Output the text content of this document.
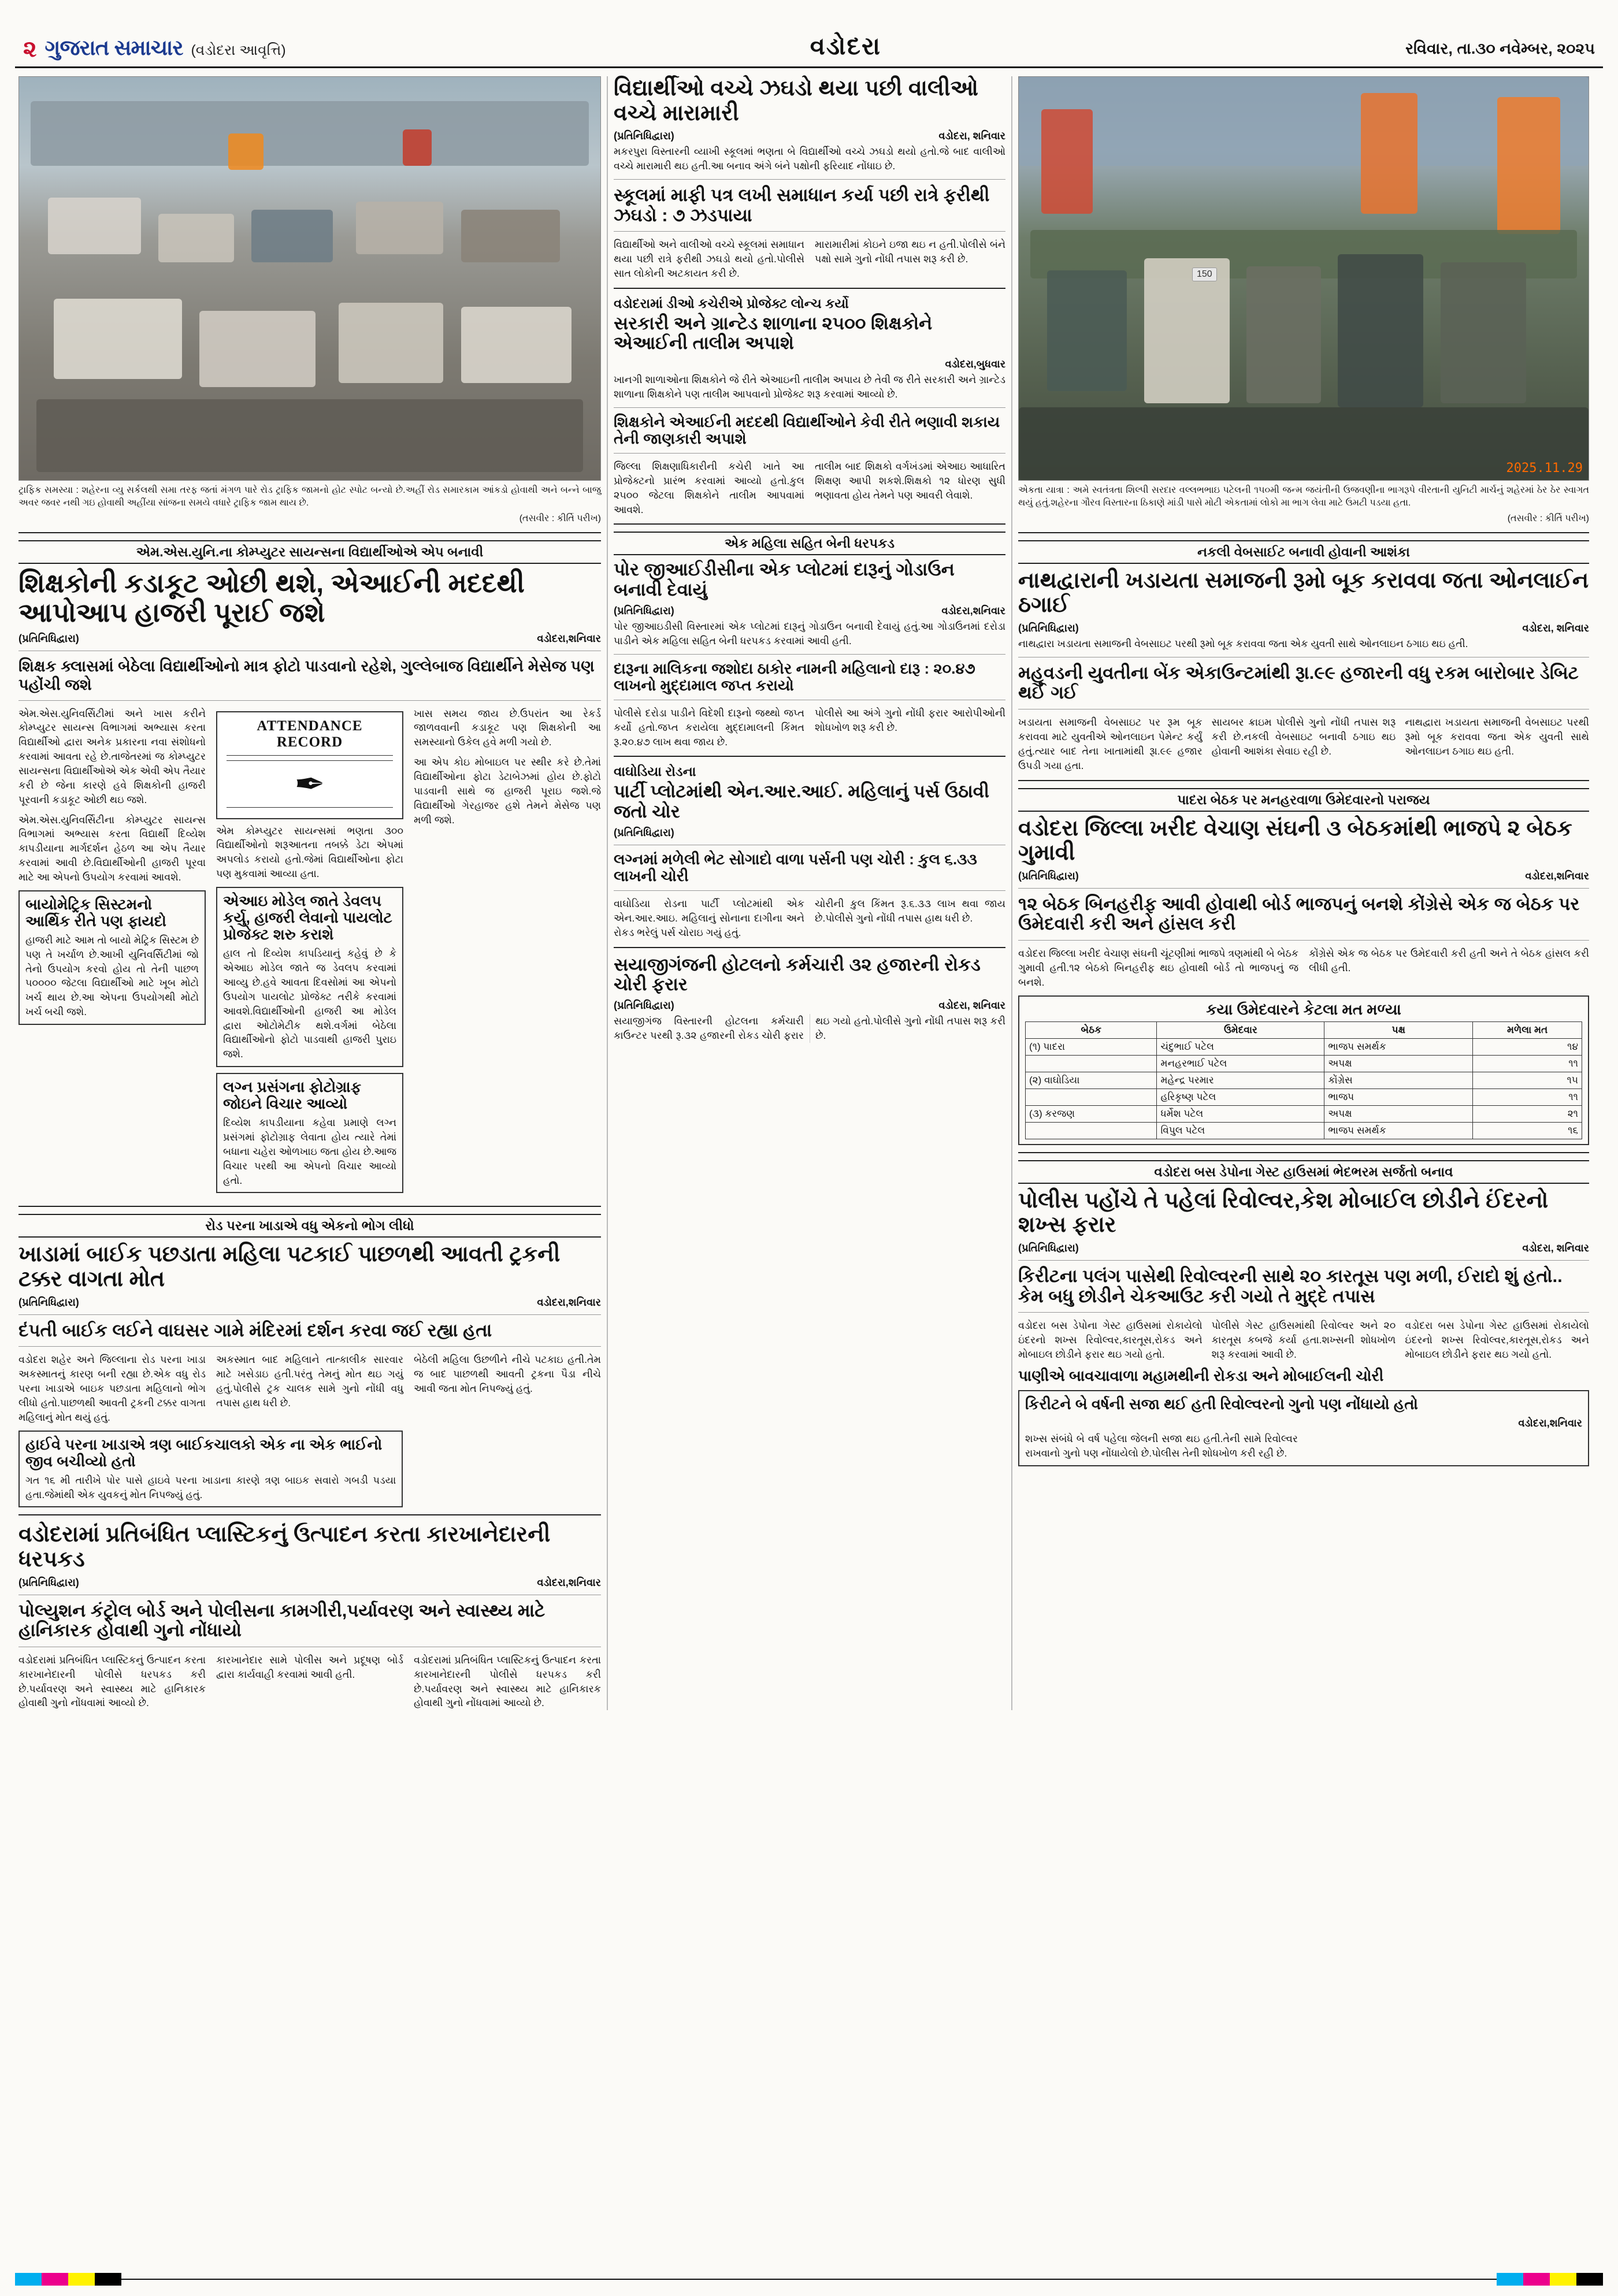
૨ ગુજરાત સમાચાર (વડોદરા આવૃત્તિ)	વડોદરા	રવિવાર, તા.૩૦ નવેમ્બર, ૨૦૨૫
ટ્રાફિક સમસ્યા : શહેરના વ્યુ સર્કલથી સમા તરફ જતાં મંગળ પારે રોડ ટ્રાફિક જામનો હોટ સ્પોટ બન્યો છે.અહીં રોડ સમારકામ આંકડો હોવાથી અને બન્ને બાજુ અવર જવર નથી ગઇ હોવાથી અહીંયા સાંજના સમયે વધારે ટ્રાફિક જામ થાય છે.
(તસવીર : કીર્તિ પરીખ)
એમ.એસ.યુનિ.ના કોમ્પ્યુટર સાયન્સના વિદ્યાર્થીઓએ એપ બનાવી
શિક્ષકોની કડાકૂટ ઓછી થશે, એઆઈની મદદથી આપોઆપ હાજરી પૂરાઈ જશે
(પ્રતિનિધિદ્વારા)	વડોદરા,શનિવાર
શિક્ષક ક્લાસમાં બેઠેલા વિદ્યાર્થીઓનો માત્ર ફોટો પાડવાનો રહેશે, ગુલ્લેબાજ વિદ્યાર્થીને મેસેજ પણ પહોંચી જશે
એમ.એસ.યુનિવર્સિટીમાં અને ખાસ કરીને કોમ્પ્યુટર સાયન્સ વિભાગમાં અભ્યાસ કરતા વિદ્યાર્થીઓ દ્વારા અનેક પ્રકારના નવા સંશોધનો કરવામાં આવતા રહે છે.તાજેતરમાં જ કોમ્પ્યુટર સાયન્સના વિદ્યાર્થીઓએ એક એવી એપ તૈયાર કરી છે જેના કારણે હવે શિક્ષકોની હાજરી પૂરવાની કડાકૂટ ઓછી થઇ જશે.
એમ.એસ.યુનિવર્સિટીના કોમ્પ્યુટર સાયન્સ વિભાગમાં અભ્યાસ કરતા વિદ્યાર્થી દિવ્યેશ કાપડીયાના માર્ગદર્શન હેઠળ આ એપ તૈયાર કરવામાં આવી છે.વિદ્યાર્થીઓની હાજરી પૂરવા માટે આ એપનો ઉપયોગ કરવામાં આવશે.
બાયોમેટ્રિક સિસ્ટમનો આર્થિક રીતે પણ ફાયદો
હાજરી માટે આમ તો બાયો મેટ્રિક સિસ્ટમ છે પણ તે ખર્ચાળ છે.આખી યુનિવર્સિટીમાં જો તેનો ઉપયોગ કરવો હોય તો તેની પાછળ ૫૦૦૦૦ જેટલા વિદ્યાર્થીઓ માટે ખૂબ મોટો ખર્ચ થાય છે.આ એપના ઉપયોગથી મોટો ખર્ચ બચી જશે.
ATTENDANCE RECORD
✒
એમ કોમ્પ્યુટર સાયન્સમાં ભણતા ૩૦૦ વિદ્યાર્થીઓનો શરૂઆતના તબક્કે ડેટા એપમાં અપલોડ કરાયો હતો.જેમાં વિદ્યાર્થીઓના ફોટા પણ મુકવામાં આવ્યા હતા.
એઆઇ મોડેલ જાતે ડેવલપ કર્યુ, હાજરી લેવાનો પાયલોટ પ્રોજેક્ટ શરુ કરાશે
હાલ તો દિવ્યેશ કાપડિયાનું કહેવું છે કે એઆઇ મોડેલ જાતે જ ડેવલપ કરવામાં આવ્યુ છે.હવે આવતા દિવસોમાં આ એપનો ઉપયોગ પાયલોટ પ્રોજેક્ટ તરીકે કરવામાં આવશે.વિદ્યાર્થીઓની હાજરી આ મોડેલ દ્વારા ઓટોમેટીક થશે.વર્ગમાં બેઠેલા વિદ્યાર્થીઓનો ફોટો પાડવાથી હાજરી પુરાઇ જશે.
લગ્ન પ્રસંગના ફોટોગ્રાફ જોઇને વિચાર આવ્યો
દિવ્યેશ કાપડીયાના કહેવા પ્રમાણે લગ્ન પ્રસંગમાં ફોટોગ્રાફ લેવાતા હોય ત્યારે તેમાં બધાના ચહેરા ઓળખાઇ જતા હોય છે.આજ વિચાર પરથી આ એપનો વિચાર આવ્યો હતો.
ખાસ સમય જાય છે.ઉપરાંત આ રેકર્ડ જાળવવાની કડાકૂટ પણ શિક્ષકોની આ સમસ્યાનો ઉકેલ હવે મળી ગયો છે.
આ એપ કોઇ મોબાઇલ પર સ્થીર કરે છે.તેમાં વિદ્યાર્થીઓના ફોટા ડેટાબેઝમાં હોય છે.ફોટો પાડવાની સાથે જ હાજરી પૂરાઇ જશે.જે વિદ્યાર્થીઓ ગેરહાજર હશે તેમને મેસેજ પણ મળી જશે.
રોડ પરના ખાડાએ વધુ એકનો ભોગ લીધો
ખાડામાં બાઈક પછડાતા મહિલા પટકાઈ પાછળથી આવતી ટ્રકની ટક્કર વાગતા મોત
(પ્રતિનિધિદ્વારા)	વડોદરા,શનિવાર
દંપતી બાઈક લઈને વાઘસર ગામે મંદિરમાં દર્શન કરવા જઈ રહ્યા હતા
વડોદરા શહેર અને જિલ્લાના રોડ પરના ખાડા અકસ્માતનું કારણ બની રહ્યા છે.એક વધુ રોડ પરના ખાડાએ બાઇક પછડાતા મહિલાનો ભોગ લીધો હતો.પાછળથી આવતી ટ્રકની ટક્કર વાગતા મહિલાનું મોત થયું હતું.
અકસ્માત બાદ મહિલાને તાત્કાલીક સારવાર માટે ખસેડાઇ હતી.પરંતુ તેમનું મોત થઇ ગયું હતું.પોલીસે ટ્રક ચાલક સામે ગુનો નોંધી વધુ તપાસ હાથ ધરી છે.
બેઠેલી મહિલા ઉછળીને નીચે પટકાઇ હતી.તેમ જ બાદ પાછળથી આવતી ટ્રકના પૈડા નીચે આવી જતા મોત નિપજ્યું હતું.
હાઈવે પરના ખાડાએ ત્રણ બાઈકચાલકો એક ના એક ભાઈનો જીવ બચીવ્યો હતો
ગત ૧૬ મી તારીખે પોર પાસે હાઇવે પરના ખાડાના કારણે ત્રણ બાઇક સવારો ગબડી પડયા હતા.જેમાંથી એક યુવકનું મોત નિપજ્યું હતું.
વડોદરામાં પ્રતિબંધિત પ્લાસ્ટિકનું ઉત્પાદન કરતા કારખાનેદારની ધરપકડ
(પ્રતિનિધિદ્વારા)	વડોદરા,શનિવાર
પોલ્યુશન કંટ્રોલ બોર્ડ અને પોલીસના કામગીરી,પર્યાવરણ અને સ્વાસ્થ્ય માટે હાનિકારક હોવાથી ગુનો નોંધાયો
વડોદરામાં પ્રતિબંધિત પ્લાસ્ટિકનું ઉત્પાદન કરતા કારખાનેદારની પોલીસે ધરપકડ કરી છે.પર્યાવરણ અને સ્વાસ્થ્ય માટે હાનિકારક હોવાથી ગુનો નોંધવામાં આવ્યો છે.
કારખાનેદાર સામે પોલીસ અને પ્રદૂષણ બોર્ડ દ્વારા કાર્યવાહી કરવામાં આવી હતી.
વડોદરામાં પ્રતિબંધિત પ્લાસ્ટિકનું ઉત્પાદન કરતા કારખાનેદારની પોલીસે ધરપકડ કરી છે.પર્યાવરણ અને સ્વાસ્થ્ય માટે હાનિકારક હોવાથી ગુનો નોંધવામાં આવ્યો છે.
વિદ્યાર્થીઓ વચ્ચે ઝઘડો થયા પછી વાલીઓ વચ્ચે મારામારી
(પ્રતિનિધિદ્વારા)	વડોદરા, શનિવાર
મકરપુરા વિસ્તારની વ્યાખી સ્કૂલમાં ભણતા બે વિદ્યાર્થીઓ વચ્ચે ઝઘડો થયો હતો.જે બાદ વાલીઓ વચ્ચે મારામારી થઇ હતી.આ બનાવ અંગે બંને પક્ષોની ફરિયાદ નોંધાઇ છે.
સ્કૂલમાં માફી પત્ર લખી સમાધાન કર્યા પછી રાત્રે ફરીથી ઝઘડો : ૭ ઝડપાયા
વિદ્યાર્થીઓ અને વાલીઓ વચ્ચે સ્કૂલમાં સમાધાન થયા પછી રાત્રે ફરીથી ઝઘડો થયો હતો.પોલીસે સાત લોકોની અટકાયત કરી છે.
મારામારીમાં કોઇને ઇજા થઇ ન હતી.પોલીસે બંને પક્ષો સામે ગુનો નોંધી તપાસ શરૂ કરી છે.
વડોદરામાં ડીઓ કચેરીએ પ્રોજેક્ટ લોન્ચ કર્યો
સરકારી અને ગ્રાન્ટેડ શાળાના ૨૫૦૦ શિક્ષકોને એઆઈની તાલીમ અપાશે
વડોદરા,બુધવાર
ખાનગી શાળાઓના શિક્ષકોને જે રીતે એઆઇની તાલીમ અપાય છે તેવી જ રીતે સરકારી અને ગ્રાન્ટેડ શાળાના શિક્ષકોને પણ તાલીમ આપવાનો પ્રોજેક્ટ શરૂ કરવામાં આવ્યો છે.
શિક્ષકોને એઆઈની મદદથી વિદ્યાર્થીઓને કેવી રીતે ભણાવી શકાય તેની જાણકારી અપાશે
જિલ્લા શિક્ષણાધિકારીની કચેરી ખાતે આ પ્રોજેક્ટનો પ્રારંભ કરવામાં આવ્યો હતો.કુલ ૨૫૦૦ જેટલા શિક્ષકોને તાલીમ આપવામાં આવશે.
તાલીમ બાદ શિક્ષકો વર્ગખંડમાં એઆઇ આધારિત શિક્ષણ આપી શકશે.શિક્ષકો ૧૨ ધોરણ સુધી ભણાવતા હોય તેમને પણ આવરી લેવાશે.
એક મહિલા સહિત બેની ધરપકડ
પોર જીઆઈડીસીના એક પ્લોટમાં દારૂનું ગોડાઉન બનાવી દેવાયું
(પ્રતિનિધિદ્વારા)	વડોદરા,શનિવાર
પોર જીઆઇડીસી વિસ્તારમાં એક પ્લોટમાં દારૂનું ગોડાઉન બનાવી દેવાયું હતું.આ ગોડાઉનમાં દરોડા પાડીને એક મહિલા સહિત બેની ધરપકડ કરવામાં આવી હતી.
દારૂના માલિકના જશોદા ઠાકોર નામની મહિલાનો દારૂ : ૨૦.૪૭ લાખનો મુદ્દામાલ જપ્ત કરાયો
પોલીસે દરોડા પાડીને વિદેશી દારૂનો જથ્થો જપ્ત કર્યો હતો.જપ્ત કરાયેલા મુદ્દામાલની કિંમત રૂ.૨૦.૪૭ લાખ થવા જાય છે.
પોલીસે આ અંગે ગુનો નોંધી ફરાર આરોપીઓની શોધખોળ શરૂ કરી છે.
વાઘોડિયા રોડના
પાર્ટી પ્લોટમાંથી એન.આર.આઈ. મહિલાનું પર્સ ઉઠાવી જતો ચોર
(પ્રતિનિધિદ્વારા)
લગ્નમાં મળેલી ભેટ સોગાદો વાળા પર્સની પણ ચોરી : કુલ ૬.૩૩ લાખની ચોરી
વાઘોડિયા રોડના પાર્ટી પ્લોટમાંથી એક એન.આર.આઇ. મહિલાનું સોનાના દાગીના અને રોકડ ભરેલું પર્સ ચોરાઇ ગયું હતું.
ચોરીની કુલ કિંમત રૂ.૬.૩૩ લાખ થવા જાય છે.પોલીસે ગુનો નોંધી તપાસ હાથ ધરી છે.
સયાજીગંજની હોટલનો કર્મચારી ૩૨ હજારની રોકડ ચોરી ફરાર
(પ્રતિનિધિદ્વારા)	વડોદરા, શનિવાર
સયાજીગંજ વિસ્તારની હોટલના કર્મચારી કાઉન્ટર પરથી રૂ.૩૨ હજારની રોકડ ચોરી ફરાર થઇ ગયો હતો.પોલીસે ગુનો નોંધી તપાસ શરૂ કરી છે.
150
2025.11.29
એકતા યાત્રા : અમે સ્વતંત્રતા શિલ્પી સરદાર વલ્લભભાઇ પટેલની ૧૫૦મી જન્મ જયંતીની ઉજવણીના ભાગરૂપે વીરતાની યુનિટી માર્ચનું શહેરમાં ઠેર ઠેર સ્વાગત થયું હતું.શહેરના ગૌરવ વિસ્તારના ઠિકાણે માંડી પાસે મોટી એકતામાં લોકો મા ભાગ લેવા માટે ઉમટી પડયા હતા.
(તસવીર : કીર્તિ પરીખ)
નકલી વેબસાઈટ બનાવી હોવાની આશંકા
નાથદ્વારાની ખડાયતા સમાજની રૂમો બૂક કરાવવા જતા ઓનલાઈન ઠગાઈ
(પ્રતિનિધિદ્વારા)	વડોદરા, શનિવાર
નાથદ્વારા ખડાયતા સમાજની વેબસાઇટ પરથી રૂમો બૂક કરાવવા જતા એક યુવતી સાથે ઓનલાઇન ઠગાઇ થઇ હતી.
મહુવડની યુવતીના બેંક એકાઉન્ટમાંથી રૂા.૯૯ હજારની વધુ રકમ બારોબાર ડેબિટ થઈ ગઈ
ખડાયતા સમાજની વેબસાઇટ પર રૂમ બૂક કરાવવા માટે યુવતીએ ઓનલાઇન પેમેન્ટ કર્યું હતું.ત્યાર બાદ તેના ખાતામાંથી રૂા.૯૯ હજાર ઉપડી ગયા હતા.
સાયબર ક્રાઇમ પોલીસે ગુનો નોંધી તપાસ શરૂ કરી છે.નકલી વેબસાઇટ બનાવી ઠગાઇ થઇ હોવાની આશંકા સેવાઇ રહી છે.
નાથદ્વારા ખડાયતા સમાજની વેબસાઇટ પરથી રૂમો બૂક કરાવવા જતા એક યુવતી સાથે ઓનલાઇન ઠગાઇ થઇ હતી.
પાદરા બેઠક પર મનહરવાળા ઉમેદવારનો પરાજય
વડોદરા જિલ્લા ખરીદ વેચાણ સંઘની ૩ બેઠકમાંથી ભાજપે ૨ બેઠક ગુમાવી
(પ્રતિનિધિદ્વારા)	વડોદરા,શનિવાર
૧૨ બેઠક બિનહરીફ આવી હોવાથી બોર્ડ ભાજપનું બનશે કોંગ્રેસે એક જ બેઠક પર ઉમેદવારી કરી અને હાંસલ કરી
વડોદરા જિલ્લા ખરીદ વેચાણ સંઘની ચૂંટણીમાં ભાજપે ત્રણમાંથી બે બેઠક ગુમાવી હતી.૧૨ બેઠકો બિનહરીફ થઇ હોવાથી બોર્ડ તો ભાજપનું જ બનશે.
કોંગ્રેસે એક જ બેઠક પર ઉમેદવારી કરી હતી અને તે બેઠક હાંસલ કરી લીધી હતી.
કયા ઉમેદવારને કેટલા મત મળ્યા
બેઠક	ઉમેદવાર	પક્ષ	મળેલા મત
(૧) પાદરા	ચંદુભાઈ પટેલ	ભાજપ સમર્થક	૧૪
	મનહરભાઈ પટેલ	અપક્ષ	૧૧
(૨) વાઘોડિયા	મહેન્દ્ર પરમાર	કોંગ્રેસ	૧૫
	હરિકૃષ્ણ પટેલ	ભાજપ	૧૧
(૩) કરજણ	ધર્મેશ પટેલ	અપક્ષ	૨૧
	વિપુલ પટેલ	ભાજપ સમર્થક	૧૬
વડોદરા બસ ડેપોના ગેસ્ટ હાઉસમાં ભેદભરમ સર્જતો બનાવ
પોલીસ પહોંચે તે પહેલાં રિવોલ્વર,કેશ મોબાઈલ છોડીને ઈંદરનો શખ્સ ફરાર
(પ્રતિનિધિદ્વારા)	વડોદરા, શનિવાર
કિરીટના પલંગ પાસેથી રિવોલ્વરની સાથે ૨૦ કારતૂસ પણ મળી, ઈરાદો શું હતો.. કેમ બધુ છોડીને ચેકઆઉટ કરી ગયો તે મુદ્દે તપાસ
વડોદરા બસ ડેપોના ગેસ્ટ હાઉસમાં રોકાયેલો ઇંદરનો શખ્સ રિવોલ્વર,કારતૂસ,રોકડ અને મોબાઇલ છોડીને ફરાર થઇ ગયો હતો.
પોલીસે ગેસ્ટ હાઉસમાંથી રિવોલ્વર અને ૨૦ કારતૂસ કબજે કર્યા હતા.શખ્સની શોધખોળ શરૂ કરવામાં આવી છે.
વડોદરા બસ ડેપોના ગેસ્ટ હાઉસમાં રોકાયેલો ઇંદરનો શખ્સ રિવોલ્વર,કારતૂસ,રોકડ અને મોબાઇલ છોડીને ફરાર થઇ ગયો હતો.
પાણીએ બાવચાવાળા મહામથીની રોકડા અને મોબાઈલની ચોરી
કિરીટને બે વર્ષની સજા થઈ હતી રિવોલ્વરનો ગુનો પણ નોંધાયો હતો
વડોદરા,શનિવાર
શખ્સ સંબંધે બે વર્ષ પહેલા જેલની સજા થઇ હતી.તેની સામે રિવોલ્વર રાખવાનો ગુનો પણ નોંધાયેલો છે.પોલીસ તેની શોધખોળ કરી રહી છે.
